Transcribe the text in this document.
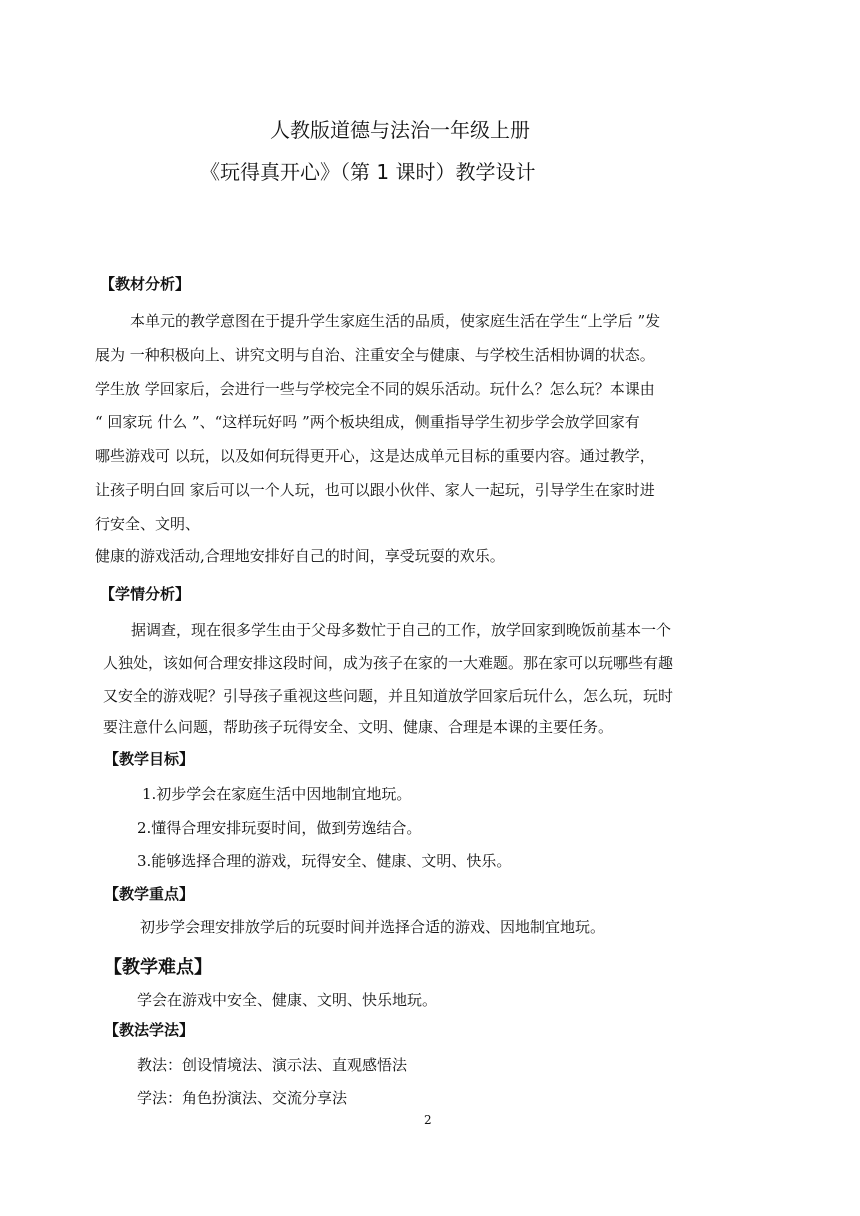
人教版道德与法治一年级上册
《玩得真开心》（第 1 课时）教学设计
【教材分析】
本单元的教学意图在于提升学生家庭生活的品质，使家庭生活在学生“上学后 ”发
展为 一种积极向上、讲究文明与自治、注重安全与健康、与学校生活相协调的状态。
学生放 学回家后，会进行一些与学校完全不同的娱乐活动。玩什么？怎么玩？本课由
“ 回家玩 什么 ”、“这样玩好吗 ”两个板块组成，侧重指导学生初步学会放学回家有
哪些游戏可 以玩，以及如何玩得更开心，这是达成单元目标的重要内容。通过教学，
让孩子明白回 家后可以一个人玩，也可以跟小伙伴、家人一起玩，引导学生在家时进
行安全、文明、
健康的游戏活动,合理地安排好自己的时间，享受玩耍的欢乐。
【学情分析】
据调查，现在很多学生由于父母多数忙于自己的工作，放学回家到晚饭前基本一个
人独处，该如何合理安排这段时间，成为孩子在家的一大难题。那在家可以玩哪些有趣
又安全的游戏呢？引导孩子重视这些问题，并且知道放学回家后玩什么，怎么玩，玩时
要注意什么问题，帮助孩子玩得安全、文明、健康、合理是本课的主要任务。
【教学目标】
1.初步学会在家庭生活中因地制宜地玩。
2.懂得合理安排玩耍时间，做到劳逸结合。
3.能够选择合理的游戏，玩得安全、健康、文明、快乐。
【教学重点】
初步学会理安排放学后的玩耍时间并选择合适的游戏、因地制宜地玩。
【教学难点】
学会在游戏中安全、健康、文明、快乐地玩。
【教法学法】
教法：创设情境法、演示法、直观感悟法
学法：角色扮演法、交流分享法
2
